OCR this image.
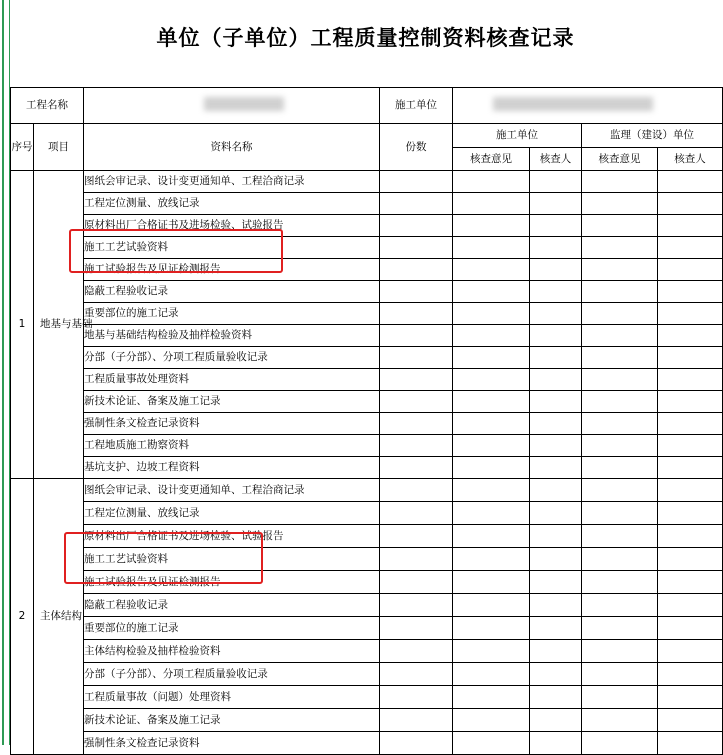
单位（子单位）工程质量控制资料核查记录
工程名称			施工单位				

序号	项目	资料名称	份数	施工单位		监理（建设）单位	
				核查意见	核查人	核查意见	核查人
1	地基与基础	图纸会审记录、设计变更通知单、工程洽商记录					
		工程定位测量、放线记录					
		原材料出厂合格证书及进场检验、试验报告					
		施工工艺试验资料					
		施工试验报告及见证检测报告					
		隐蔽工程验收记录					
		重要部位的施工记录					
		地基与基础结构检验及抽样检验资料					
		分部（子分部）、分项工程质量验收记录					
		工程质量事故处理资料					
		新技术论证、备案及施工记录					
		强制性条文检查记录资料					
		工程地质施工勘察资料					
		基坑支护、边坡工程资料					
2	主体结构	图纸会审记录、设计变更通知单、工程洽商记录					
		工程定位测量、放线记录					
		原材料出厂合格证书及进场检验、试验报告					
		施工工艺试验资料					
		施工试验报告及见证检测报告					
		隐蔽工程验收记录					
		重要部位的施工记录					
		主体结构检验及抽样检验资料					
		分部（子分部）、分项工程质量验收记录					
		工程质量事故（问题）处理资料					
		新技术论证、备案及施工记录					
		强制性条文检查记录资料					
